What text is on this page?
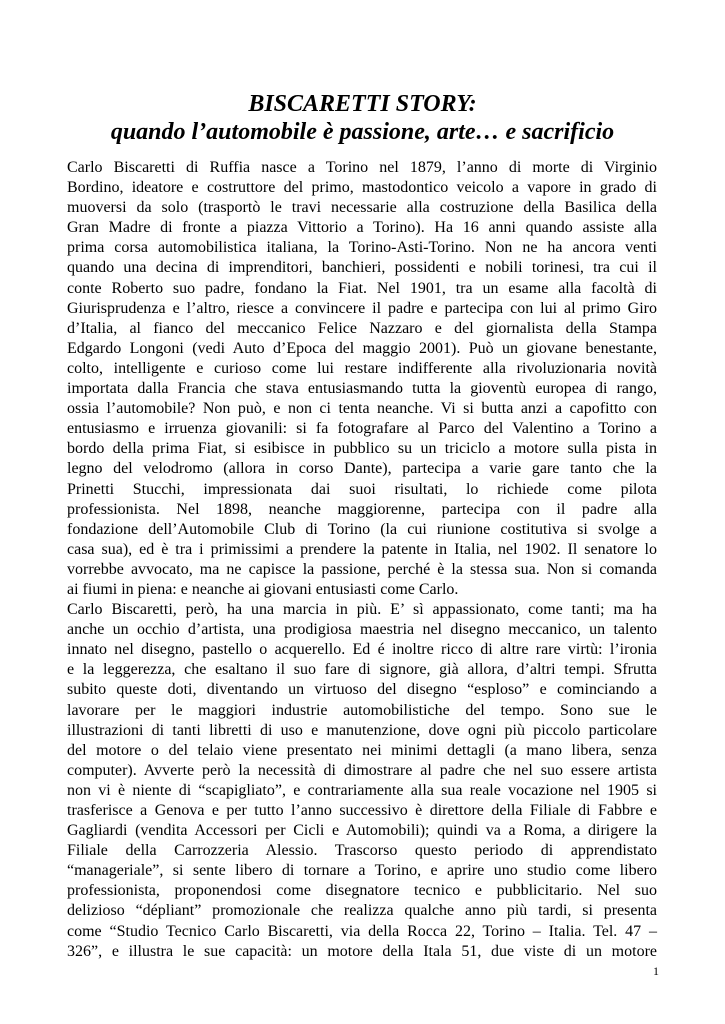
BISCARETTI STORY:
quando l’automobile è passione, arte… e sacrificio
Carlo Biscaretti di Ruffia nasce a Torino nel 1879, l’anno di morte di Virginio
Bordino, ideatore e costruttore del primo, mastodontico veicolo a vapore in grado di
muoversi da solo (trasportò le travi necessarie alla costruzione della Basilica della
Gran Madre di fronte a piazza Vittorio a Torino). Ha 16 anni quando assiste alla
prima corsa automobilistica italiana, la Torino-Asti-Torino. Non ne ha ancora venti
quando una decina di imprenditori, banchieri, possidenti e nobili torinesi, tra cui il
conte Roberto suo padre, fondano la Fiat. Nel 1901, tra un esame alla facoltà di
Giurisprudenza e l’altro, riesce a convincere il padre e partecipa con lui al primo Giro
d’Italia, al fianco del meccanico Felice Nazzaro e del giornalista della Stampa
Edgardo Longoni (vedi Auto d’Epoca del maggio 2001). Può un giovane benestante,
colto, intelligente e curioso come lui restare indifferente alla rivoluzionaria novità
importata dalla Francia che stava entusiasmando tutta la gioventù europea di rango,
ossia l’automobile? Non può, e non ci tenta neanche. Vi si butta anzi a capofitto con
entusiasmo e irruenza giovanili: si fa fotografare al Parco del Valentino a Torino a
bordo della prima Fiat, si esibisce in pubblico su un triciclo a motore sulla pista in
legno del velodromo (allora in corso Dante), partecipa a varie gare tanto che la
Prinetti Stucchi, impressionata dai suoi risultati, lo richiede come pilota
professionista. Nel 1898, neanche maggiorenne, partecipa con il padre alla
fondazione dell’Automobile Club di Torino (la cui riunione costitutiva si svolge a
casa sua), ed è tra i primissimi a prendere la patente in Italia, nel 1902. Il senatore lo
vorrebbe avvocato, ma ne capisce la passione, perché è la stessa sua. Non si comanda
ai fiumi in piena: e neanche ai giovani entusiasti come Carlo.
Carlo Biscaretti, però, ha una marcia in più. E’ sì appassionato, come tanti; ma ha
anche un occhio d’artista, una prodigiosa maestria nel disegno meccanico, un talento
innato nel disegno, pastello o acquerello. Ed é inoltre ricco di altre rare virtù: l’ironia
e la leggerezza, che esaltano il suo fare di signore, già allora, d’altri tempi. Sfrutta
subito queste doti, diventando un virtuoso del disegno “esploso” e cominciando a
lavorare per le maggiori industrie automobilistiche del tempo. Sono sue le
illustrazioni di tanti libretti di uso e manutenzione, dove ogni più piccolo particolare
del motore o del telaio viene presentato nei minimi dettagli (a mano libera, senza
computer). Avverte però la necessità di dimostrare al padre che nel suo essere artista
non vi è niente di “scapigliato”, e contrariamente alla sua reale vocazione nel 1905 si
trasferisce a Genova e per tutto l’anno successivo è direttore della Filiale di Fabbre e
Gagliardi (vendita Accessori per Cicli e Automobili); quindi va a Roma, a dirigere la
Filiale della Carrozzeria Alessio. Trascorso questo periodo di apprendistato
“manageriale”, si sente libero di tornare a Torino, e aprire uno studio come libero
professionista, proponendosi come disegnatore tecnico e pubblicitario. Nel suo
delizioso “dépliant” promozionale che realizza qualche anno più tardi, si presenta
come “Studio Tecnico Carlo Biscaretti, via della Rocca 22, Torino – Italia. Tel. 47 –
326”, e illustra le sue capacità: un motore della Itala 51, due viste di un motore
1
